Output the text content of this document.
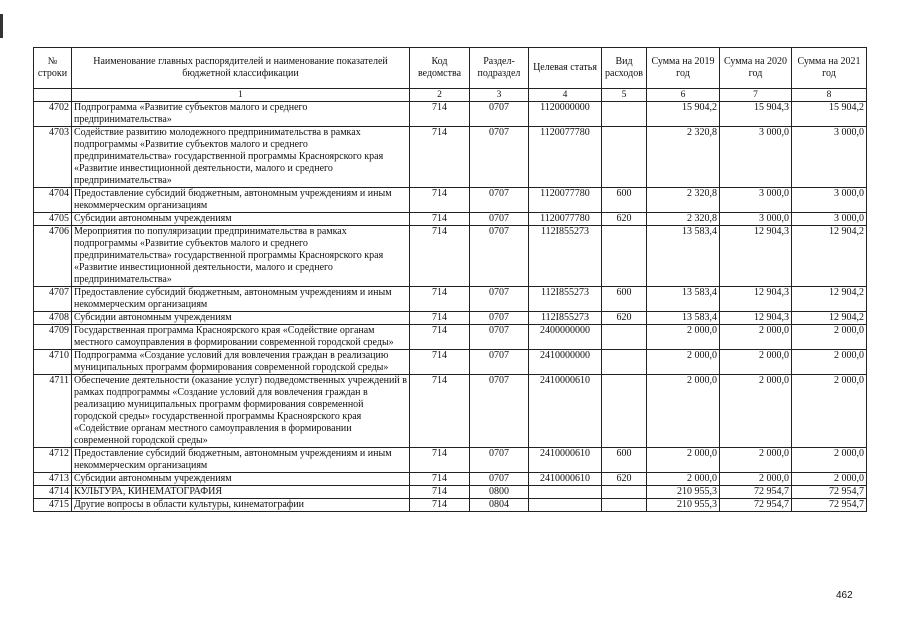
№ строки	Наименование главных распорядителей и наименование показателей бюджетной классификации	Код ведомства	Раздел-подраздел	Целевая статья	Вид расходов	Сумма на 2019 год	Сумма на 2020 год	Сумма на 2021 год
	1	2	3	4	5	6	7	8
4702	Подпрограмма «Развитие субъектов малого и среднего предпринимательства»	714	0707	1120000000		15 904,2	15 904,3	15 904,2
4703	Содействие развитию молодежного предпринимательства в рамках подпрограммы «Развитие субъектов малого и среднего предпринимательства» государственной программы Красноярского края «Развитие инвестиционной деятельности, малого и среднего предпринимательства»	714	0707	1120077780		2 320,8	3 000,0	3 000,0
4704	Предоставление субсидий бюджетным, автономным учреждениям и иным некоммерческим организациям	714	0707	1120077780	600	2 320,8	3 000,0	3 000,0
4705	Субсидии автономным учреждениям	714	0707	1120077780	620	2 320,8	3 000,0	3 000,0
4706	Мероприятия по популяризации предпринимательства в рамках подпрограммы «Развитие субъектов малого и среднего предпринимательства» государственной программы Красноярского края «Развитие инвестиционной деятельности, малого и среднего предпринимательства»	714	0707	112I855273		13 583,4	12 904,3	12 904,2
4707	Предоставление субсидий бюджетным, автономным учреждениям и иным некоммерческим организациям	714	0707	112I855273	600	13 583,4	12 904,3	12 904,2
4708	Субсидии автономным учреждениям	714	0707	112I855273	620	13 583,4	12 904,3	12 904,2
4709	Государственная программа Красноярского края «Содействие органам местного самоуправления в формировании современной городской среды»	714	0707	2400000000		2 000,0	2 000,0	2 000,0
4710	Подпрограмма «Создание условий для вовлечения граждан в реализацию муниципальных программ формирования современной городской среды»	714	0707	2410000000		2 000,0	2 000,0	2 000,0
4711	Обеспечение деятельности (оказание услуг) подведомственных учреждений в рамках подпрограммы «Создание условий для вовлечения граждан в реализацию муниципальных программ формирования современной городской среды» государственной программы Красноярского края «Содействие органам местного самоуправления в формировании современной городской среды»	714	0707	2410000610		2 000,0	2 000,0	2 000,0
4712	Предоставление субсидий бюджетным, автономным учреждениям и иным некоммерческим организациям	714	0707	2410000610	600	2 000,0	2 000,0	2 000,0
4713	Субсидии автономным учреждениям	714	0707	2410000610	620	2 000,0	2 000,0	2 000,0
4714	КУЛЬТУРА, КИНЕМАТОГРАФИЯ	714	0800			210 955,3	72 954,7	72 954,7
4715	Другие вопросы в области культуры, кинематографии	714	0804			210 955,3	72 954,7	72 954,7
462
